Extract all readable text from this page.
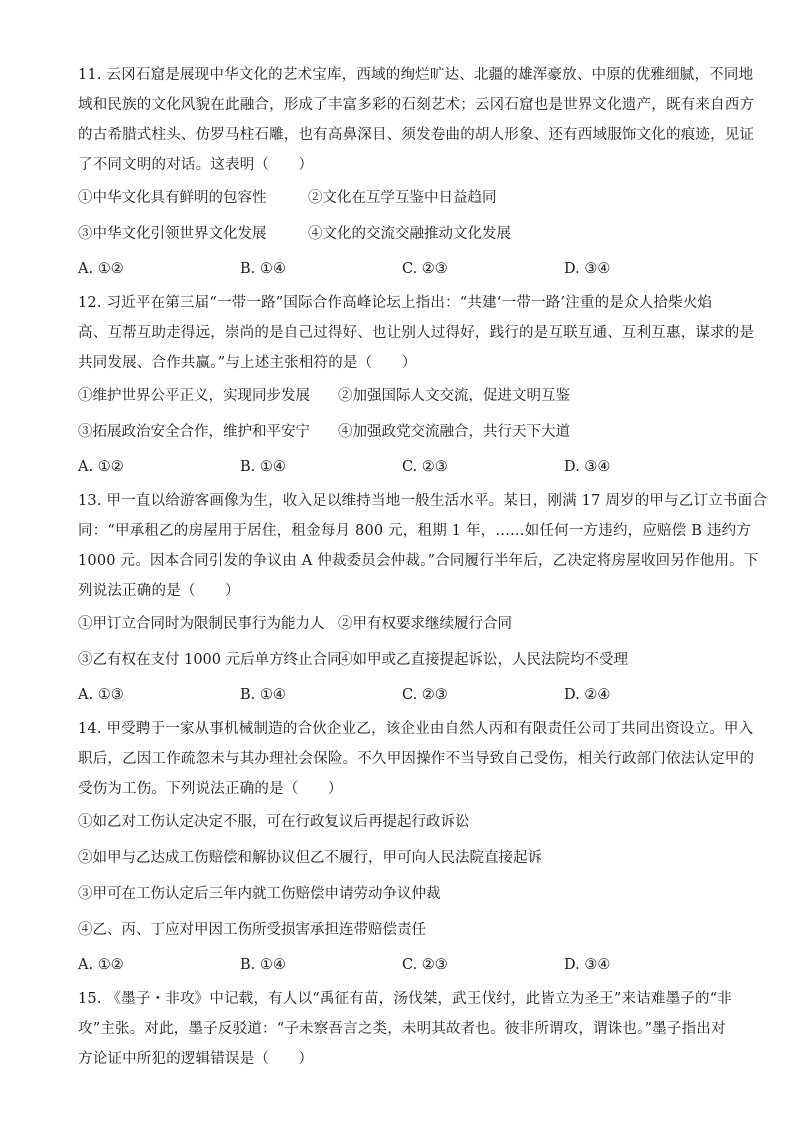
11. 云冈石窟是展现中华文化的艺术宝库，西域的绚烂旷达、北疆的雄浑豪放、中原的优雅细腻，不同地
域和民族的文化风貌在此融合，形成了丰富多彩的石刻艺术；云冈石窟也是世界文化遗产，既有来自西方
的古希腊式柱头、仿罗马柱石雕，也有高鼻深目、须发卷曲的胡人形象、还有西域服饰文化的痕迹，见证
了不同文明的对话。这表明（　　）

①中华文化具有鲜明的包容性	②文化在互学互鉴中日益趋同
③中华文化引领世界文化发展	④文化的交流交融推动文化发展
A. ①②	B. ①④	C. ②③	D. ③④

12. 习近平在第三届“一带一路”国际合作高峰论坛上指出：“共建‘一带一路’注重的是众人拾柴火焰
高、互帮互助走得远，崇尚的是自己过得好、也让别人过得好，践行的是互联互通、互利互惠，谋求的是
共同发展、合作共赢。”与上述主张相符的是（　　）

①维护世界公平正义，实现同步发展	②加强国际人文交流，促进文明互鉴
③拓展政治安全合作，维护和平安宁	④加强政党交流融合，共行天下大道
A. ①②	B. ①④	C. ②③	D. ③④

13. 甲一直以给游客画像为生，收入足以维持当地一般生活水平。某日，刚满 17 周岁的甲与乙订立书面合
同：“甲承租乙的房屋用于居住，租金每月 800 元，租期 1 年，……如任何一方违约，应赔偿 B 违约方
1000 元。因本合同引发的争议由 A 仲裁委员会仲裁。”合同履行半年后，乙决定将房屋收回另作他用。下
列说法正确的是（　　）

①甲订立合同时为限制民事行为能力人 ②甲有权要求继续履行合同
③乙有权在支付 1000 元后单方终止合同
④如甲或乙直接提起诉讼，人民法院均不受理
A. ①③	B. ①④	C. ②③	D. ②④

14. 甲受聘于一家从事机械制造的合伙企业乙，该企业由自然人丙和有限责任公司丁共同出资设立。甲入
职后，乙因工作疏忽未与其办理社会保险。不久甲因操作不当导致自己受伤，相关行政部门依法认定甲的
受伤为工伤。下列说法正确的是（　　）

①如乙对工伤认定决定不服，可在行政复议后再提起行政诉讼
②如甲与乙达成工伤赔偿和解协议但乙不履行，甲可向人民法院直接起诉
③甲可在工伤认定后三年内就工伤赔偿申请劳动争议仲裁
④乙、丙、丁应对甲因工伤所受损害承担连带赔偿责任
A. ①②	B. ①④	C. ②③	D. ③④

15. 《墨子・非攻》中记载，有人以“禹征有苗，汤伐桀，武王伐纣，此皆立为圣王”来诘难墨子的“非
攻”主张。对此，墨子反驳道：“子未察吾言之类，未明其故者也。彼非所谓攻，谓诛也。”墨子指出对
方论证中所犯的逻辑错误是（　　）
